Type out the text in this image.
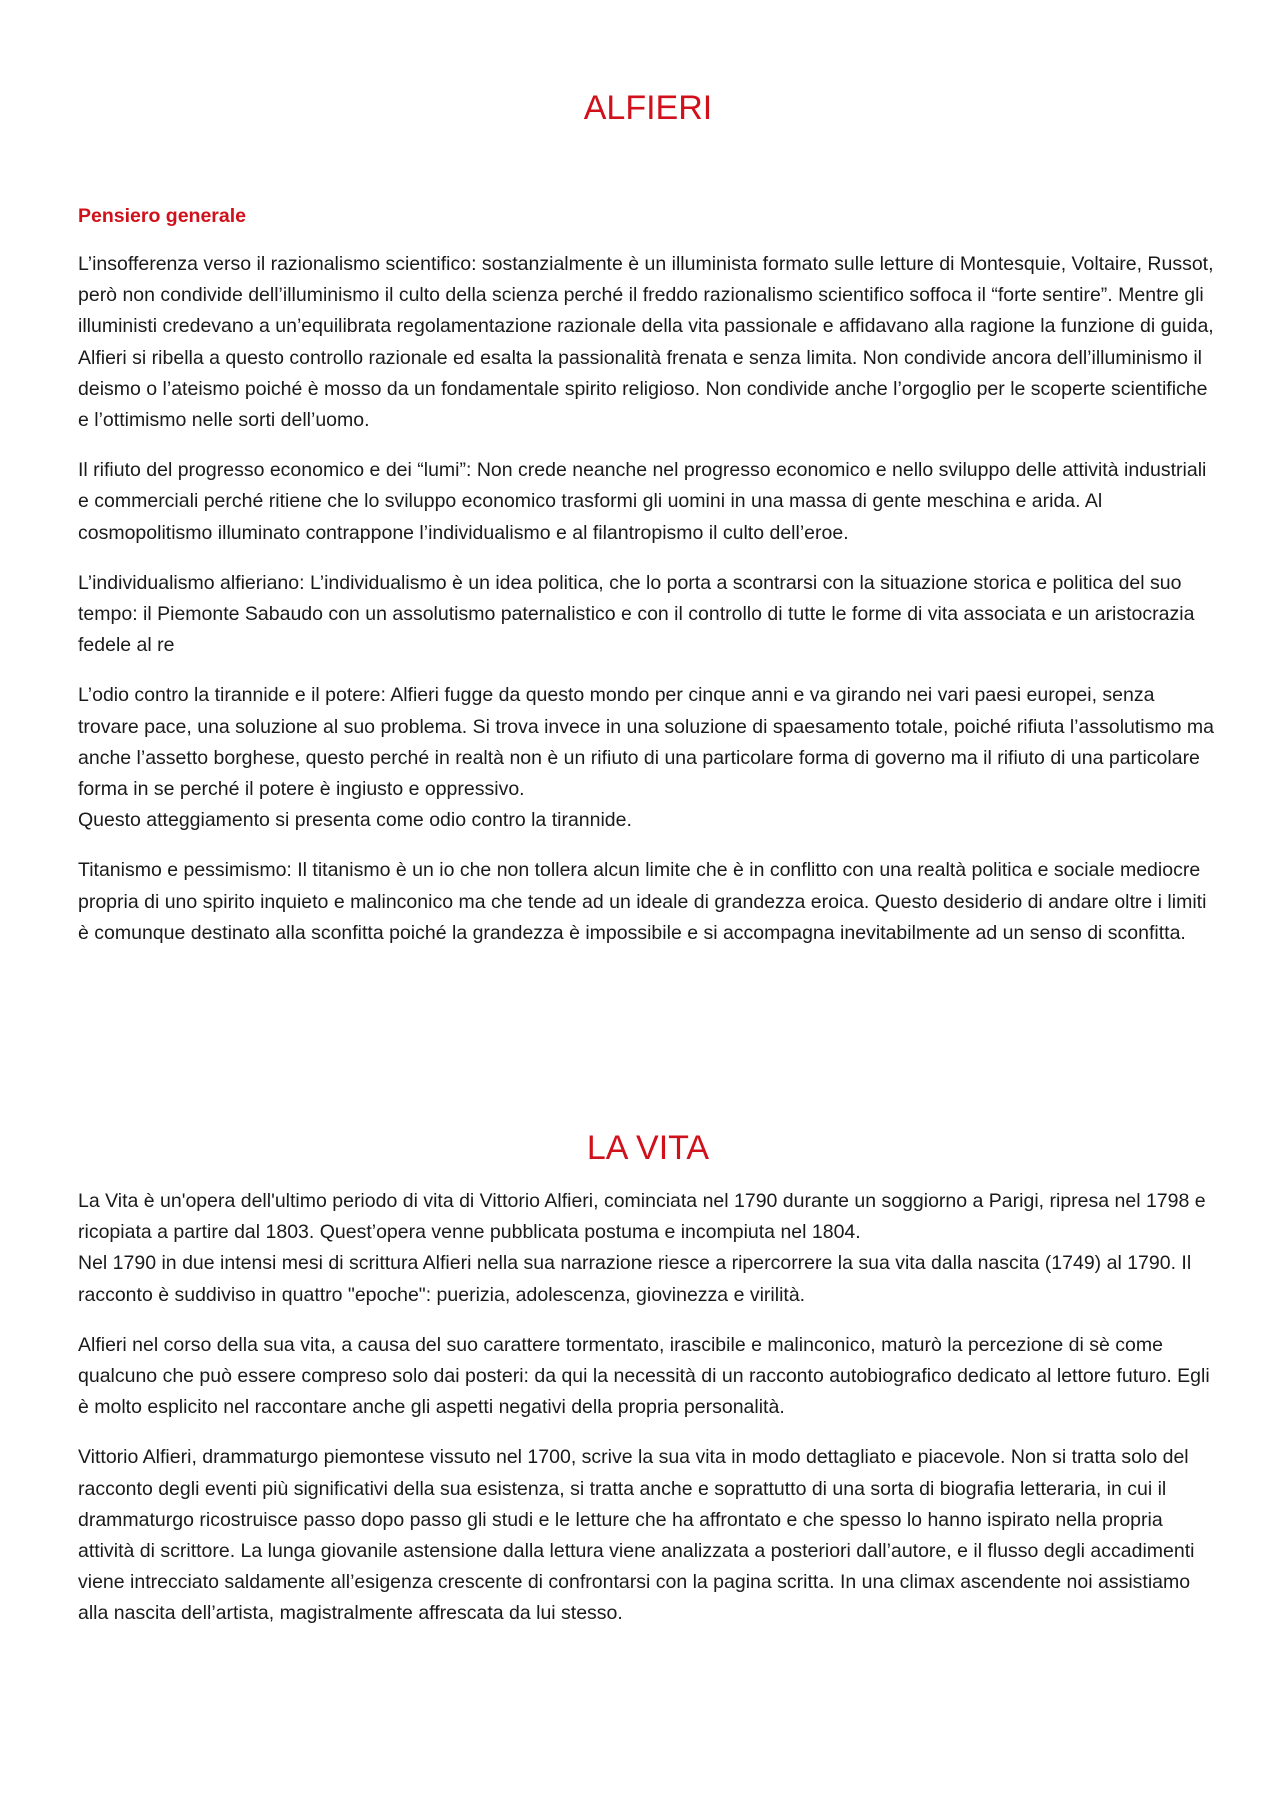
ALFIERI
Pensiero generale

L’insofferenza verso il razionalismo scientifico: sostanzialmente è un illuminista formato sulle letture di Montesquie, Voltaire, Russot, però non condivide dell’illuminismo il culto della scienza perché il freddo razionalismo scientifico soffoca il “forte sentire”. Mentre gli illuministi credevano a un’equilibrata regolamentazione razionale della vita passionale e affidavano alla ragione la funzione di guida, Alfieri si ribella a questo controllo razionale ed esalta la passionalità frenata e senza limita. Non condivide ancora dell’illuminismo il deismo o l’ateismo poiché è mosso da un fondamentale spirito religioso. Non condivide anche l’orgoglio per le scoperte scientifiche e l’ottimismo nelle sorti dell’uomo.

Il rifiuto del progresso economico e dei “lumi”: Non crede neanche nel progresso economico e nello sviluppo delle attività industriali e commerciali perché ritiene che lo sviluppo economico trasformi gli uomini in una massa di gente meschina e arida. Al cosmopolitismo illuminato contrappone l’individualismo e al filantropismo il culto dell’eroe.

L’individualismo alfieriano: L’individualismo è un idea politica, che lo porta a scontrarsi con la situazione storica e politica del suo tempo: il Piemonte Sabaudo con un assolutismo paternalistico e con il controllo di tutte le forme di vita associata e un aristocrazia fedele al re

L’odio contro la tirannide e il potere: Alfieri fugge da questo mondo per cinque anni e va girando nei vari paesi europei, senza trovare pace, una soluzione al suo problema. Si trova invece in una soluzione di spaesamento totale, poiché rifiuta l’assolutismo ma anche l’assetto borghese, questo perché in realtà non è un rifiuto di una particolare forma di governo ma il rifiuto di una particolare forma in se perché il potere è ingiusto e oppressivo.

Questo atteggiamento si presenta come odio contro la tirannide.

Titanismo e pessimismo: Il titanismo è un io che non tollera alcun limite che è in conflitto con una realtà politica e sociale mediocre propria di uno spirito inquieto e malinconico ma che tende ad un ideale di grandezza eroica. Questo desiderio di andare oltre i limiti è comunque destinato alla sconfitta poiché la grandezza è impossibile e si accompagna inevitabilmente ad un senso di sconfitta.

LA VITA

La Vita è un'opera dell'ultimo periodo di vita di Vittorio Alfieri, cominciata nel 1790 durante un soggiorno a Parigi, ripresa nel 1798 e ricopiata a partire dal 1803. Quest’opera venne pubblicata postuma e incompiuta nel 1804.

Nel 1790 in due intensi mesi di scrittura Alfieri nella sua narrazione riesce a ripercorrere la sua vita dalla nascita (1749) al 1790. Il racconto è suddiviso in quattro "epoche": puerizia, adolescenza, giovinezza e virilità.

Alfieri nel corso della sua vita, a causa del suo carattere tormentato, irascibile e malinconico, maturò la percezione di sè come qualcuno che può essere compreso solo dai posteri: da qui la necessità di un racconto autobiografico dedicato al lettore futuro. Egli è molto esplicito nel raccontare anche gli aspetti negativi della propria personalità.

Vittorio Alfieri, drammaturgo piemontese vissuto nel 1700, scrive la sua vita in modo dettagliato e piacevole. Non si tratta solo del racconto degli eventi più significativi della sua esistenza, si tratta anche e soprattutto di una sorta di biografia letteraria, in cui il drammaturgo ricostruisce passo dopo passo gli studi e le letture che ha affrontato e che spesso lo hanno ispirato nella propria attività di scrittore. La lunga giovanile astensione dalla lettura viene analizzata a posteriori dall’autore, e il flusso degli accadimenti viene intrecciato saldamente all’esigenza crescente di confrontarsi con la pagina scritta. In una climax ascendente noi assistiamo alla nascita dell’artista, magistralmente affrescata da lui stesso.
